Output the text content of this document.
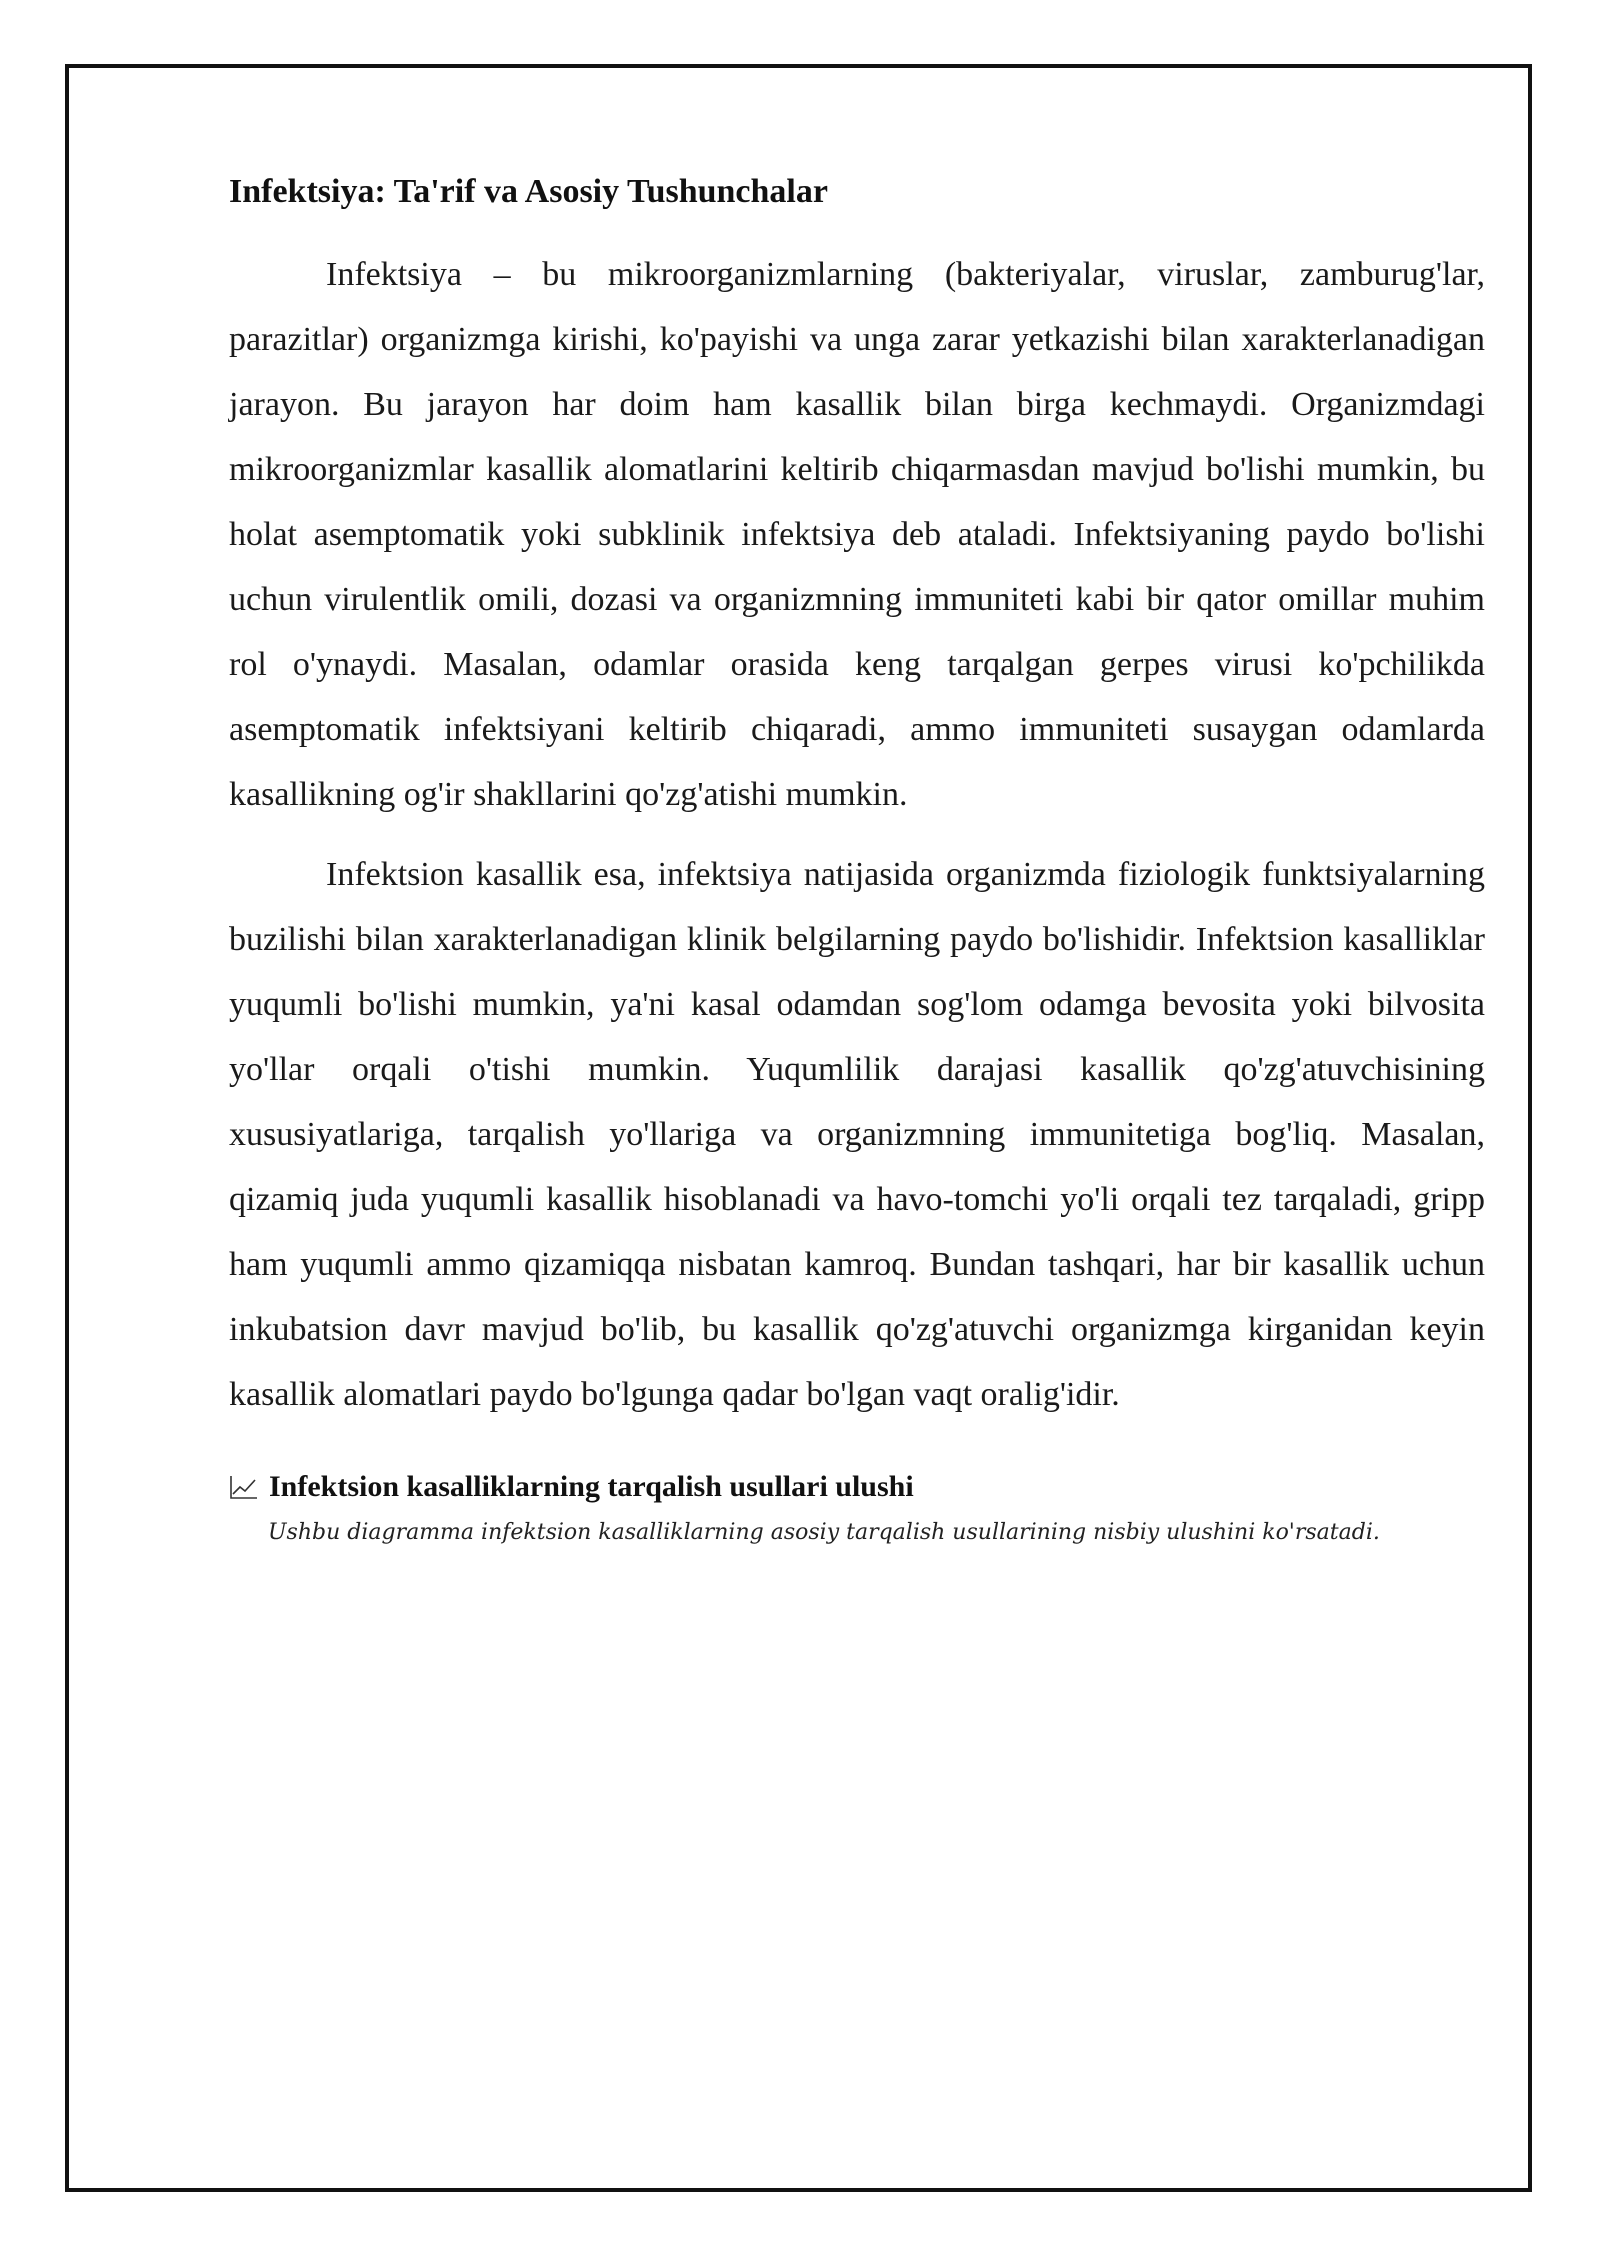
Infektsiya: Ta'rif va Asosiy Tushunchalar

Infektsiya – bu mikroorganizmlarning (bakteriyalar, viruslar, zamburug'lar, parazitlar) organizmga kirishi, ko'payishi va unga zarar yetkazishi bilan xarakterlanadigan jarayon. Bu jarayon har doim ham kasallik bilan birga kechmaydi. Organizmdagi mikroorganizmlar kasallik alomatlarini keltirib chiqarmasdan mavjud bo'lishi mumkin, bu holat asemptomatik yoki subklinik infektsiya deb ataladi. Infektsiyaning paydo bo'lishi uchun virulentlik omili, dozasi va organizmning immuniteti kabi bir qator omillar muhim rol o'ynaydi. Masalan, odamlar orasida keng tarqalgan gerpes virusi ko'pchilikda asemptomatik infektsiyani keltirib chiqaradi, ammo immuniteti susaygan odamlarda kasallikning og'ir shakllarini qo'zg'atishi mumkin.

Infektsion kasallik esa, infektsiya natijasida organizmda fiziologik funktsiyalarning buzilishi bilan xarakterlanadigan klinik belgilarning paydo bo'lishidir. Infektsion kasalliklar yuqumli bo'lishi mumkin, ya'ni kasal odamdan sog'lom odamga bevosita yoki bilvosita yo'llar orqali o'tishi mumkin. Yuqumlilik darajasi kasallik qo'zg'atuvchisining xususiyatlariga, tarqalish yo'llariga va organizmning immunitetiga bog'liq. Masalan, qizamiq juda yuqumli kasallik hisoblanadi va havo-tomchi yo'li orqali tez tarqaladi, gripp ham yuqumli ammo qizamiqqa nisbatan kamroq. Bundan tashqari, har bir kasallik uchun inkubatsion davr mavjud bo'lib, bu kasallik qo'zg'atuvchi organizmga kirganidan keyin kasallik alomatlari paydo bo'lgunga qadar bo'lgan vaqt oralig'idir.

Infektsion kasalliklarning tarqalish usullari ulushi
Ushbu diagramma infektsion kasalliklarning asosiy tarqalish usullarining nisbiy ulushini ko'rsatadi.
